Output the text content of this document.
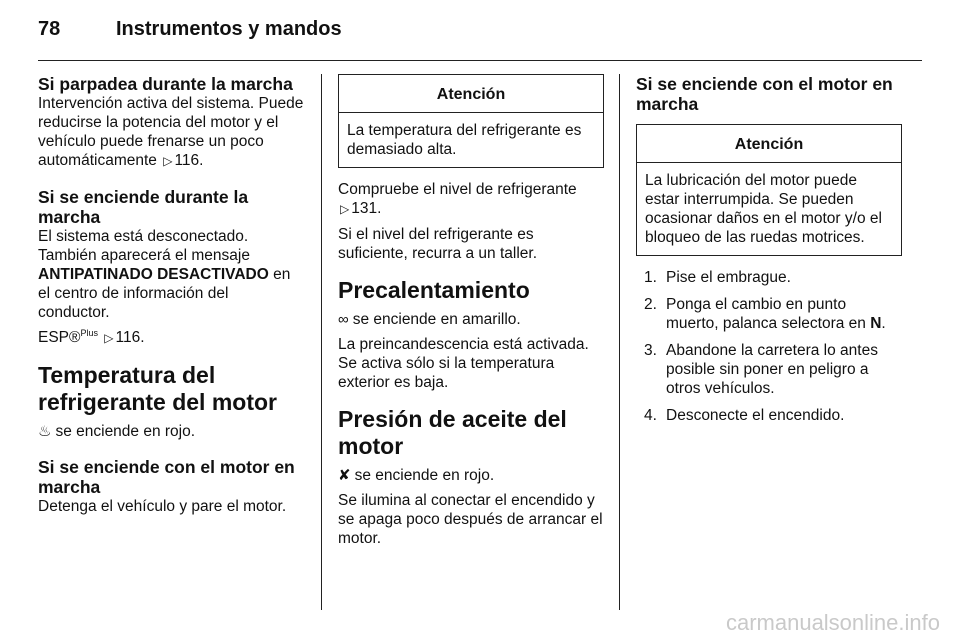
78	Instrumentos y mandos
Si parpadea durante la marcha

Intervención activa del sistema. Puede reducirse la potencia del motor y el vehículo puede frenarse un poco automáticamente ▷ 116.

Si se enciende durante la marcha

El sistema está desconectado. También aparecerá el mensaje ANTIPATINADO DESACTIVADO en el centro de información del conductor.

ESP®$^{Plus}$ ▷ 116.

Temperatura del refrigerante del motor

♨ se enciende en rojo.

Si se enciende con el motor en marcha

Detenga el vehículo y pare el motor.

Atención
La temperatura del refrigerante es demasiado alta.

Compruebe el nivel de refrigerante
▷ 131.

Si el nivel del refrigerante es suficiente, recurra a un taller.

Precalentamiento

∞ se enciende en amarillo.

La preincandescencia está activada. Se activa sólo si la temperatura exterior es baja.

Presión de aceite del motor

✘ se enciende en rojo.

Se ilumina al conectar el encendido y se apaga poco después de arrancar el motor.

Si se enciende con el motor en marcha
Atención
La lubricación del motor puede estar interrumpida. Se pueden ocasionar daños en el motor y/o el bloqueo de las ruedas motrices.
1. Pise el embrague.
2. Ponga el cambio en punto muerto, palanca selectora en N.
3. Abandone la carretera lo antes posible sin poner en peligro a otros vehículos.
4. Desconecte el encendido.
carmanualsonline.info
